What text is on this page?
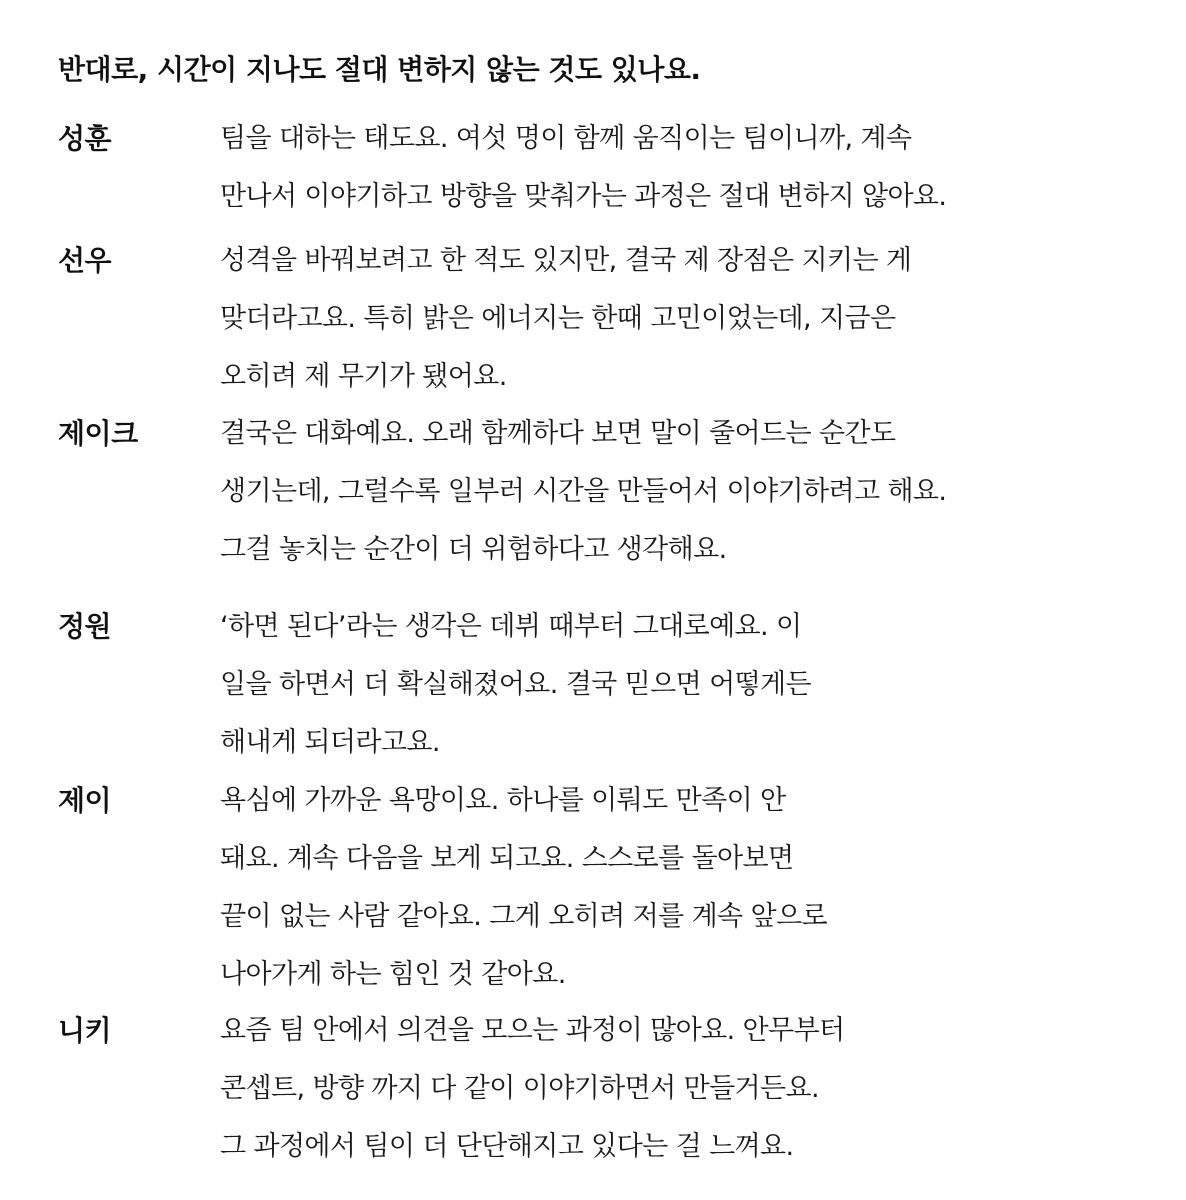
반대로, 시간이 지나도 절대 변하지 않는 것도 있나요.
성훈	팀을 대하는 태도요. 여섯 명이 함께 움직이는 팀이니까, 계속
만나서 이야기하고 방향을 맞춰가는 과정은 절대 변하지 않아요.
선우	성격을 바꿔보려고 한 적도 있지만, 결국 제 장점은 지키는 게
맞더라고요. 특히 밝은 에너지는 한때 고민이었는데, 지금은
오히려 제 무기가 됐어요.
제이크	결국은 대화예요. 오래 함께하다 보면 말이 줄어드는 순간도
생기는데, 그럴수록 일부러 시간을 만들어서 이야기하려고 해요.
그걸 놓치는 순간이 더 위험하다고 생각해요.
정원	‘하면 된다’라는 생각은 데뷔 때부터 그대로예요. 이
일을 하면서 더 확실해졌어요. 결국 믿으면 어떻게든
해내게 되더라고요.
제이	욕심에 가까운 욕망이요. 하나를 이뤄도 만족이 안
돼요. 계속 다음을 보게 되고요. 스스로를 돌아보면
끝이 없는 사람 같아요. 그게 오히려 저를 계속 앞으로
나아가게 하는 힘인 것 같아요.
니키	요즘 팀 안에서 의견을 모으는 과정이 많아요. 안무부터
콘셉트, 방향 까지 다 같이 이야기하면서 만들거든요.
그 과정에서 팀이 더 단단해지고 있다는 걸 느껴요.
